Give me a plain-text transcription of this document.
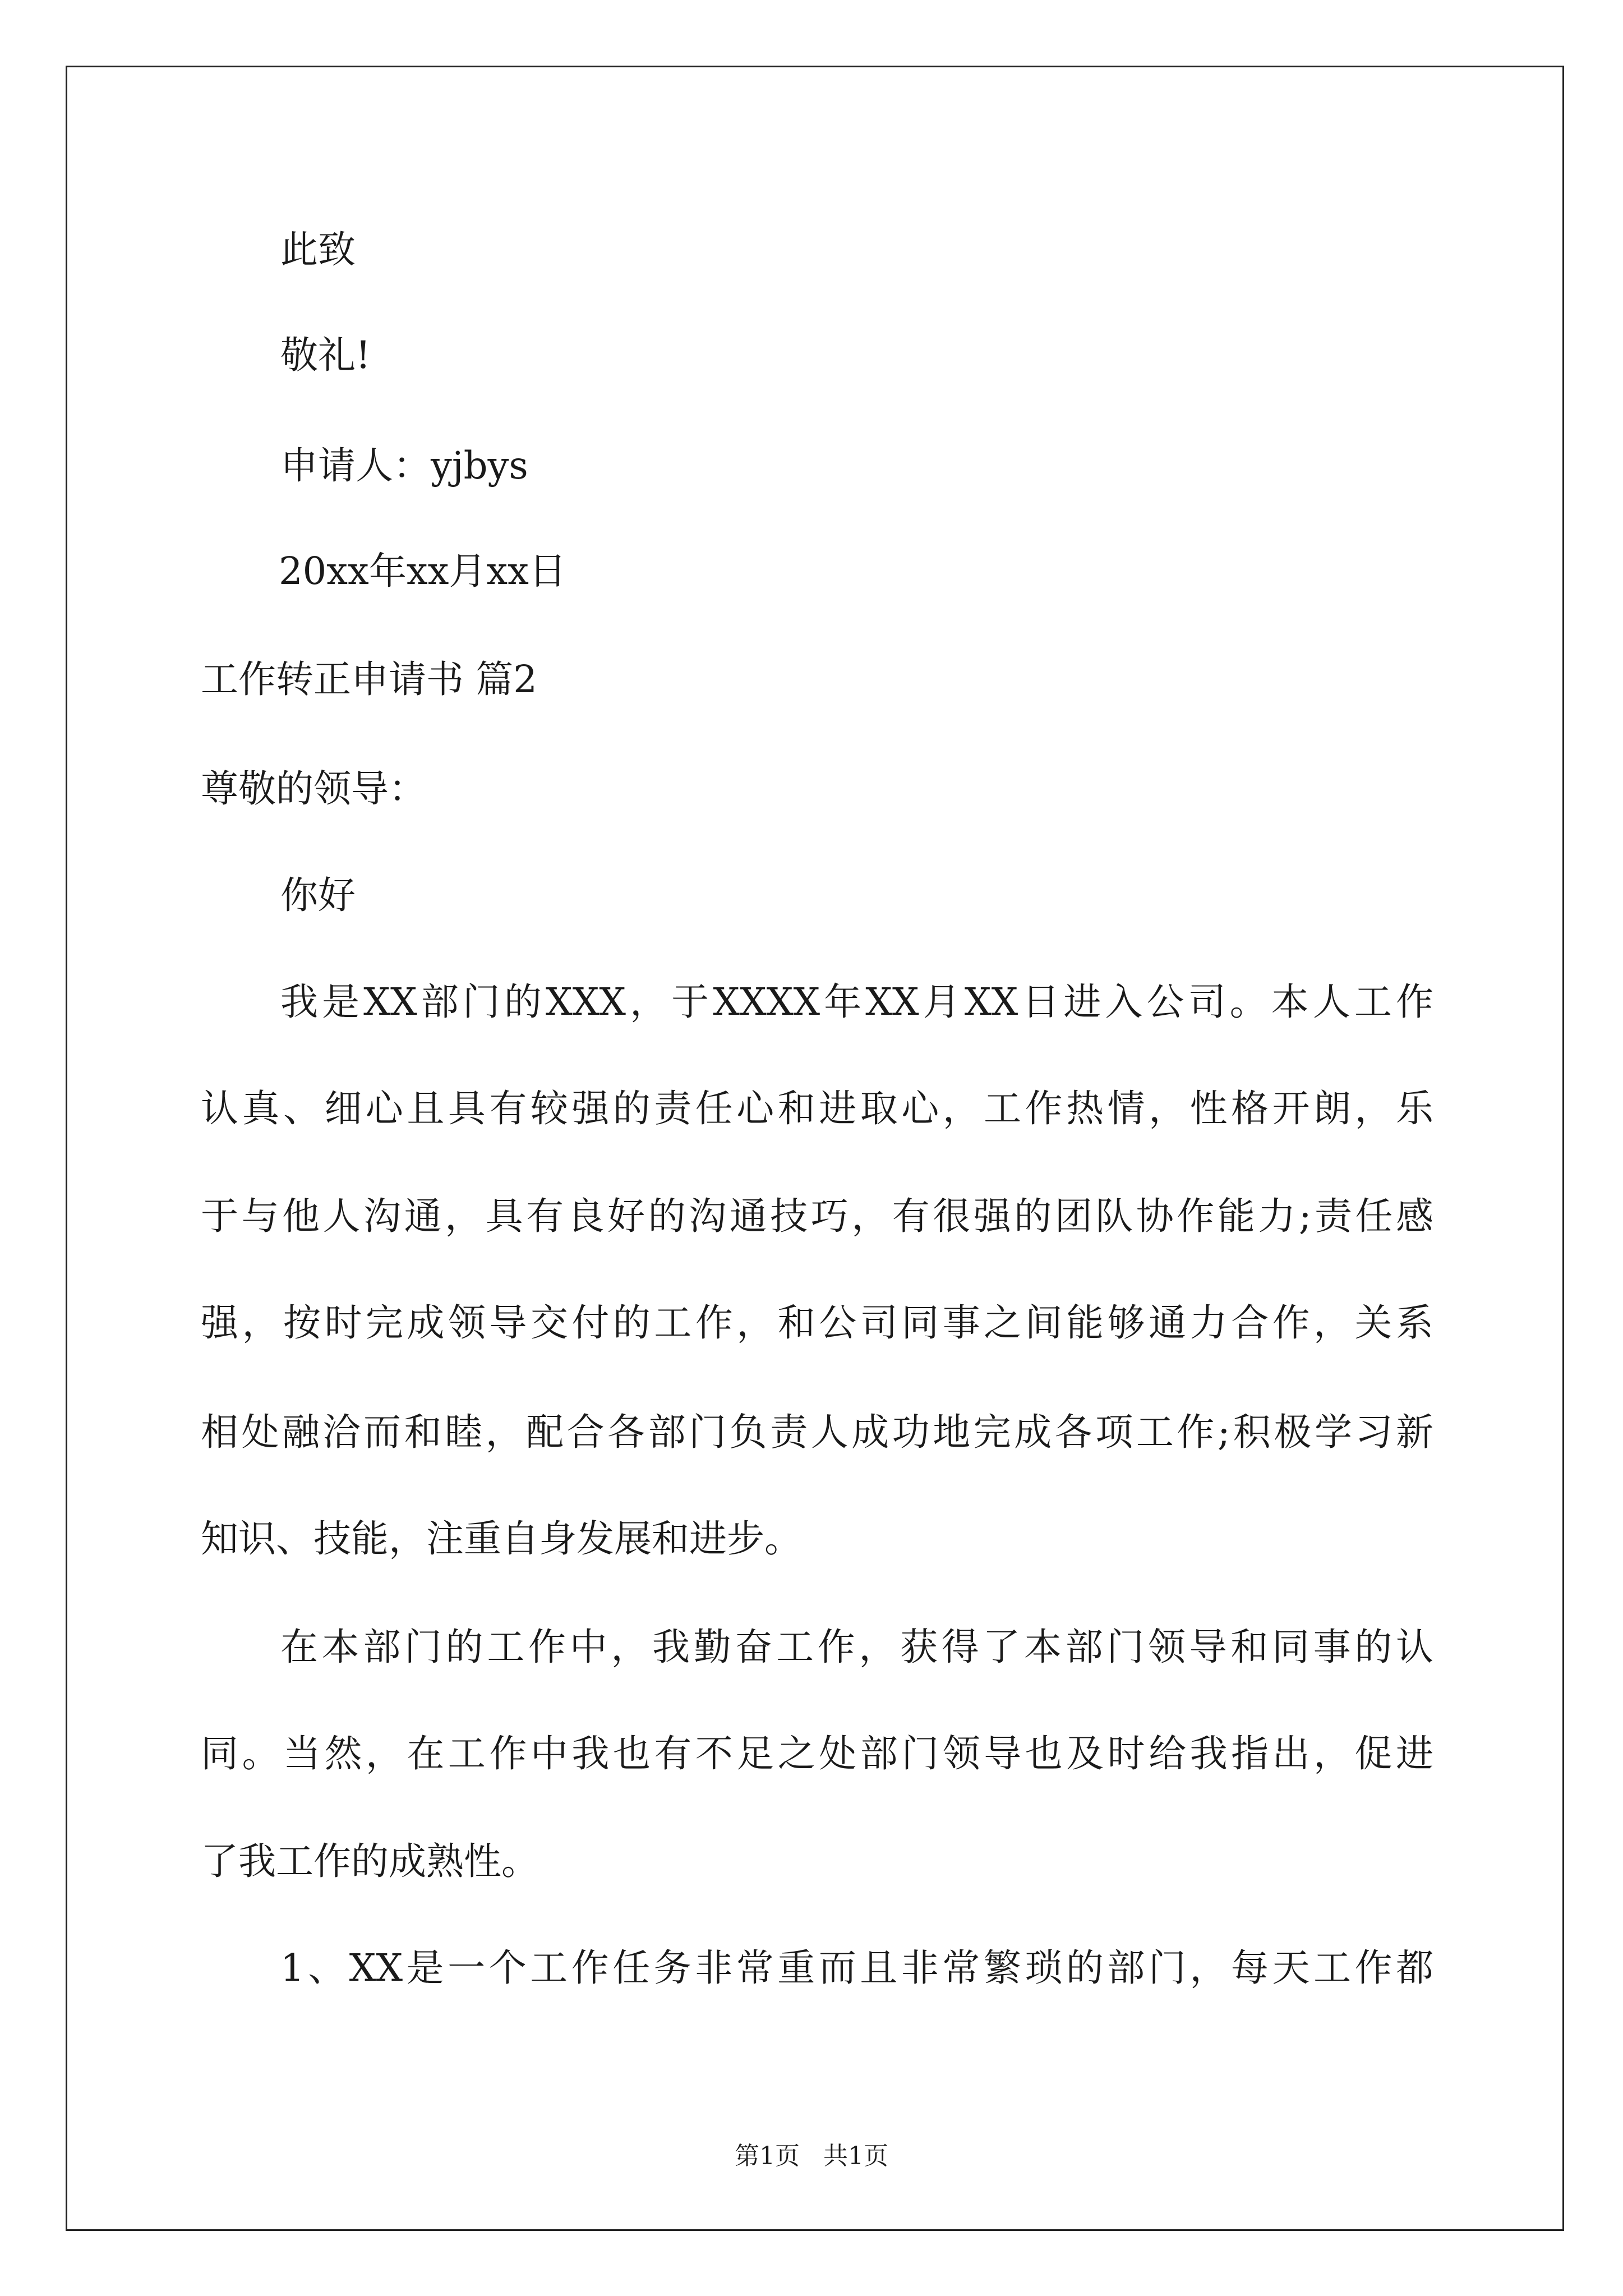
此致
敬礼!
申请人：yjbys
20xx年xx月xx日
工作转正申请书 篇2
尊敬的领导：
你好
我是XX部门的XXX，于XXXX年XX月XX日进入公司。本人工作
认真、细心且具有较强的责任心和进取心，工作热情，性格开朗，乐
于与他人沟通，具有良好的沟通技巧，有很强的团队协作能力;责任感
强，按时完成领导交付的工作，和公司同事之间能够通力合作，关系
相处融洽而和睦，配合各部门负责人成功地完成各项工作;积极学习新
知识、技能，注重自身发展和进步。
在本部门的工作中，我勤奋工作，获得了本部门领导和同事的认
同。当然，在工作中我也有不足之处部门领导也及时给我指出，促进
了我工作的成熟性。
1、XX是一个工作任务非常重而且非常繁琐的部门，每天工作都
第1页   共1页
